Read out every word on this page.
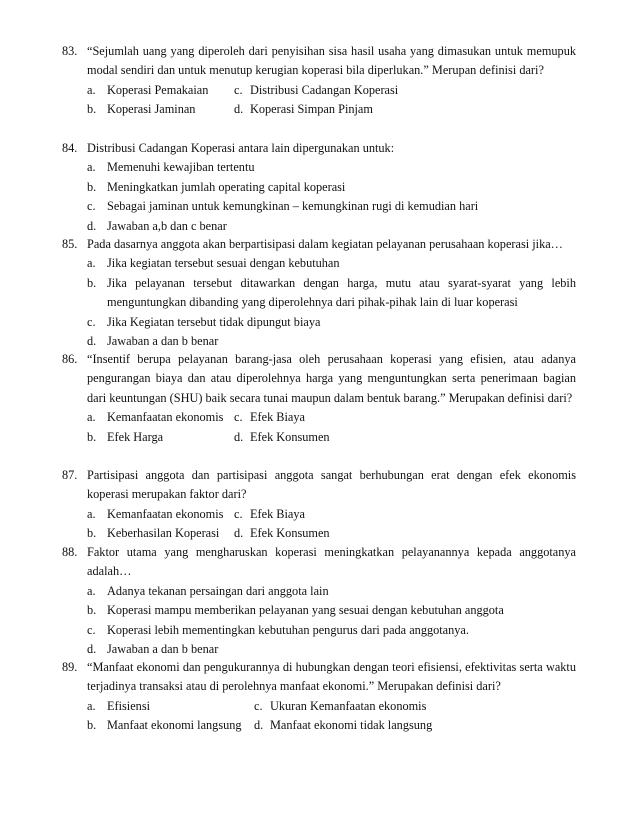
83. “Sejumlah uang yang diperoleh dari penyisihan sisa hasil usaha yang dimasukan untuk memupuk modal sendiri dan untuk menutup kerugian koperasi bila diperlukan.” Merupan definisi dari?
a. Koperasi Pemakaian c. Distribusi Cadangan Koperasi
b. Koperasi Jaminan	d. Koperasi Simpan Pinjam
84. Distribusi Cadangan Koperasi antara lain dipergunakan untuk:
a. Memenuhi kewajiban tertentu
b. Meningkatkan jumlah operating capital koperasi
c. Sebagai jaminan untuk kemungkinan – kemungkinan rugi di kemudian hari
d. Jawaban a,b dan c benar
85. Pada dasarnya anggota akan berpartisipasi dalam kegiatan pelayanan perusahaan koperasi jika…
a. Jika kegiatan tersebut sesuai dengan kebutuhan
b. Jika pelayanan tersebut ditawarkan dengan harga, mutu atau syarat-syarat yang lebih menguntungkan dibanding yang diperolehnya dari pihak-pihak lain di luar koperasi
c. Jika Kegiatan tersebut tidak dipungut biaya
d. Jawaban a dan b benar
86. “Insentif berupa pelayanan barang-jasa oleh perusahaan koperasi yang efisien, atau adanya pengurangan biaya dan atau diperolehnya harga yang menguntungkan serta penerimaan bagian dari keuntungan (SHU) baik secara tunai maupun dalam bentuk barang.” Merupakan definisi dari?
a. Kemanfaatan ekonomis c. Efek Biaya
b. Efek Harga	d. Efek Konsumen
87. Partisipasi anggota dan partisipasi anggota sangat berhubungan erat dengan efek ekonomis koperasi merupakan faktor dari?
a. Kemanfaatan ekonomis c. Efek Biaya
b. Keberhasilan Koperasi d. Efek Konsumen
88. Faktor utama yang mengharuskan koperasi meningkatkan pelayanannya kepada anggotanya adalah…
a. Adanya tekanan persaingan dari anggota lain
b. Koperasi mampu memberikan pelayanan yang sesuai dengan kebutuhan anggota
c. Koperasi lebih mementingkan kebutuhan pengurus dari pada anggotanya.
d. Jawaban a dan b benar
89. “Manfaat ekonomi dan pengukurannya di hubungkan dengan teori efisiensi, efektivitas serta waktu terjadinya transaksi atau di perolehnya manfaat ekonomi.” Merupakan definisi dari?
a. Efisiensi	c. Ukuran Kemanfaatan ekonomis
b. Manfaat ekonomi langsung d. Manfaat ekonomi tidak langsung
